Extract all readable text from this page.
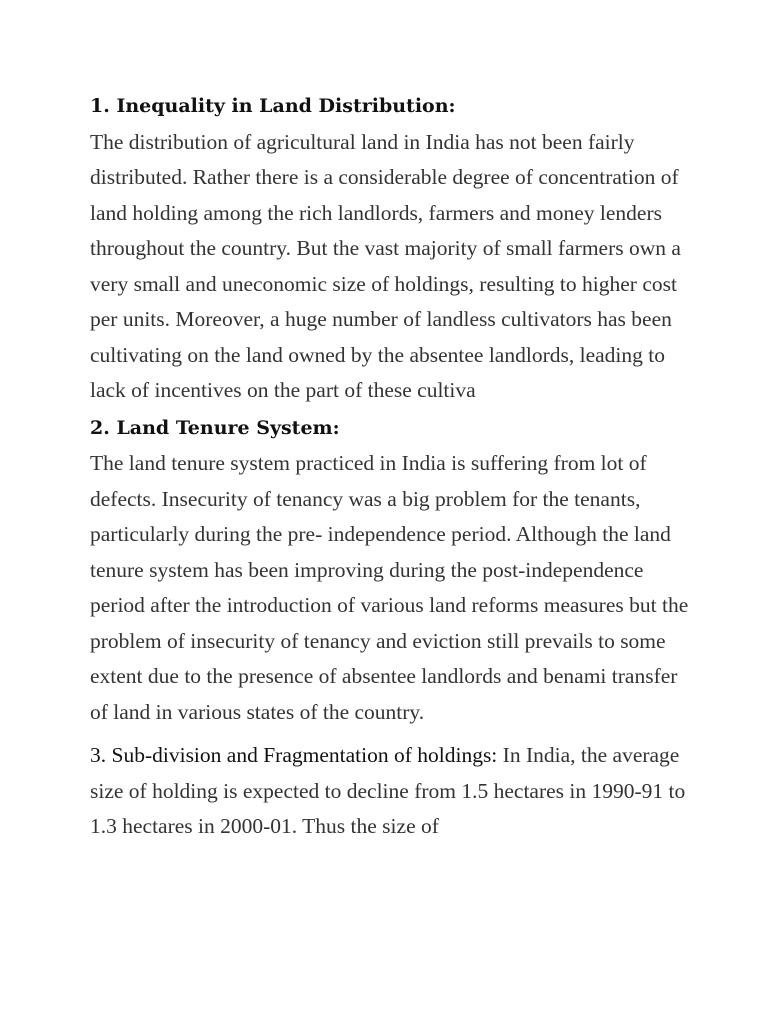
1. Inequality in Land Distribution:

The distribution of agricultural land in India has not been fairly distributed. Rather there is a considerable degree of concentration of land holding among the rich landlords, farmers and money lenders throughout the country. But the vast majority of small farmers own a very small and uneconomic size of holdings, resulting to higher cost per units. Moreover, a huge number of landless cultivators has been cultivating on the land owned by the absentee landlords, leading to lack of incentives on the part of these cultiva

2. Land Tenure System:

The land tenure system practiced in India is suffering from lot of defects. Insecurity of tenancy was a big problem for the tenants, particularly during the pre- independence period. Although the land tenure system has been improving during the post-independence period after the introduction of various land reforms measures but the problem of insecurity of tenancy and eviction still prevails to some extent due to the presence of absentee landlords and benami transfer of land in various states of the country.

3. Sub-division and Fragmentation of holdings: In India, the average size of holding is expected to decline from 1.5 hectares in 1990-91 to 1.3 hectares in 2000-01. Thus the size of
